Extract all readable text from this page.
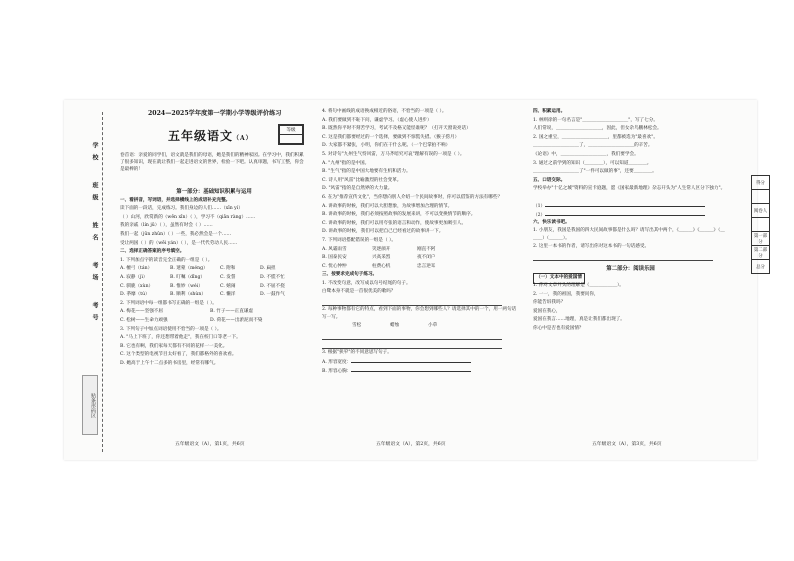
学
校
班
级
姓
名
考
场
考
号
贴条形码区
2024—2025学年度第一学期小学等级评价练习
五年级语文（A）
等级

卷首语：亲爱的同学们，语文就是我们的母语，她是我们的精神家园。在学习中，我们积累了很多知识，现在就让我们一起走进语文的世界，检验一下吧。认真审题，书写工整，你会是最棒的！
第一部分：基础知识积累与运用
一、看拼音，写词语，并选择横线上的成语补充完整。
读下面的一段话，完成练习。我们身边的人们……（xīn yí）
（ ）山河，欣赏新的（wēn xīn）（ ），学习不（qiān ràng）……
我的亲戚（lín jū）（ ），虽然有时会（ ）……
我们一起（jūn zhǔn）（ ）一些，我必然会是一个……
受让两国（ ）的（wēi yán）（ ），是一代代劳动人民……
二、选择正确答案的序号填空。
1. 下列加点字的读音完全正确的一组是（ ）。
A. 檀弓（tán）	B. 迷蒙（méng）	C. 附和	D. 扁担
A. 寂静（jì）	B. 叮嘱（dīng）	C. 发誓	D. 不慌不忙
C. 驯鹿（xùn）	B. 惟妙（wéi）	C. 嬉闹	D. 不屈不挠
D. 荼靡（tú）	B. 顺利（shùn）	C. 懒洋	D. 一鼓作气
2. 下列词语中每一组都书写正确的一组是（ ）。
A. 梅花——坚强不屈	B. 竹子——正直谦虚
C. 松树——生命力顽强	D. 荷花——出淤泥而不染
3. 下列句子中加点词语使用不恰当的一项是（ ）。
A. "马上下班了，你还想带着他走"，我在校门口等老一下。
B. 它也有啊，我们家每天都有不同的花样一一美化。
C. 这个类型的电视节目太好看了，我们都格外的喜欢看。
D. 她高于上午十二点多的书房里，经常有哪气。
五年级语文（A），第1页，共6页
4. 将句中画线的成语换成相近的俗语，不恰当的一项是（ ）。
A. 我们要做到不恥下问，谦虚学习。（虚心使人进步）
B. 既然你平时不刻苦学习，考试不及格又能怪谁呢？（打开天窗说亮话）
C. 这是我们都要经过的一个选择，要做到不惊慌失措。（猴子捞月）
D. 大家都不紧张，小明，你们在干什么呢。（一个巴掌拍不响）
5. 对诗句"九州生气恃风雷，万马齐喑究可哀"理解有误的一项是（ ）。
A. "九州"指的是中国。
B. "生气"指的是中国大地要有生机和活力。
C. 诗人用"风雷"比喻激烈的社会变革。
D. "风雷"指的是自然界的大力量。
6. 在为"推荐宣传文化"，当你想向别人介绍一个民间故事时，你可以借鉴的方法有哪些？
A. 讲故事的时候，我们可以大胆想象，为故事增加合理的情节。
B. 讲故事的时候，我们必须按照故事的发展来讲，不可以变换情节的顺序。
C. 讲故事的时候，我们可以用夸张的语言和动作，使故事更加吸引人。
D. 讲故事的时候，我们可以把自己已经看过的故事讲一下。
7. 下列词语搭配错误的一组是（ ）。
A. 风霜雨雪	笑逐颜开	刚直不阿
B. 国泰民安	兴高采烈	夜不闭户
C. 忧心忡忡	柱费心机	忠言逆耳
三、按要求完成句子练习。
1. 不改变句意，改写成以句号结尾的句子。
白鹭本身不就是一首很优美的歌吗？
2. 每种事物都有它的特点，看到下面的事物，你会想到哪些人？请选择其中的一个，用一两句话写一写。
雪松	蜡烛	小草
3. 根据"狭窄"的不同意思写句子。
A. 形容宽度：
B. 形容心胸：
五年级语文（A），第2页，共6页
四、积累运用。
1. 林则徐的一句名言是"＿＿＿＿＿＿＿＿＿＿"，写了七分。
人们常说，＿＿＿＿＿＿＿＿＿＿，因此，但女杂鸟鹏林松会。
2. 国之重宝，＿＿＿＿＿＿＿＿＿＿，里都被选为"最喜欢"。
＿＿＿＿＿＿＿＿＿＿了，＿＿＿＿＿＿＿＿＿＿的辛苦。
《论语》中，＿＿＿＿＿＿＿＿＿＿，我们要学会。
3. 通过之前学到的知识（＿＿＿＿），可以知道＿＿＿＿。
＿＿＿＿＿＿＿＿＿＿了"一件可以做的事"，还要＿＿＿＿。
五、口语交际。
学校举办"十亿之城"资料的宣卡庭题，愿《国家最新地理》杂志开头为"人生常人区分下独力"。
（1）
（2）
六、快乐读书吧。
1. 小朋友，我国是我国的四大民间故事都是什么吗？请写出其中两个，《＿＿＿》《＿＿＿》（＿＿＿）（＿＿＿）。
2. 这里一本书的作者，请写出你对这本书的一句话感受。
第二部分：阅读乐园
（一）文本中的爱国情
1. 你对文章开头的理解是（＿＿＿＿＿＿）。
2. 一一，我的祖国，我要问你，
你能告诉我吗？
爱国在我心，
爱国在我言……地理，真是让我们都出现了。
你心中是否也有爱国情？
五年级语文（A），第3页，共6页
得分

阅卷人

第一部分
第二部分
总分
